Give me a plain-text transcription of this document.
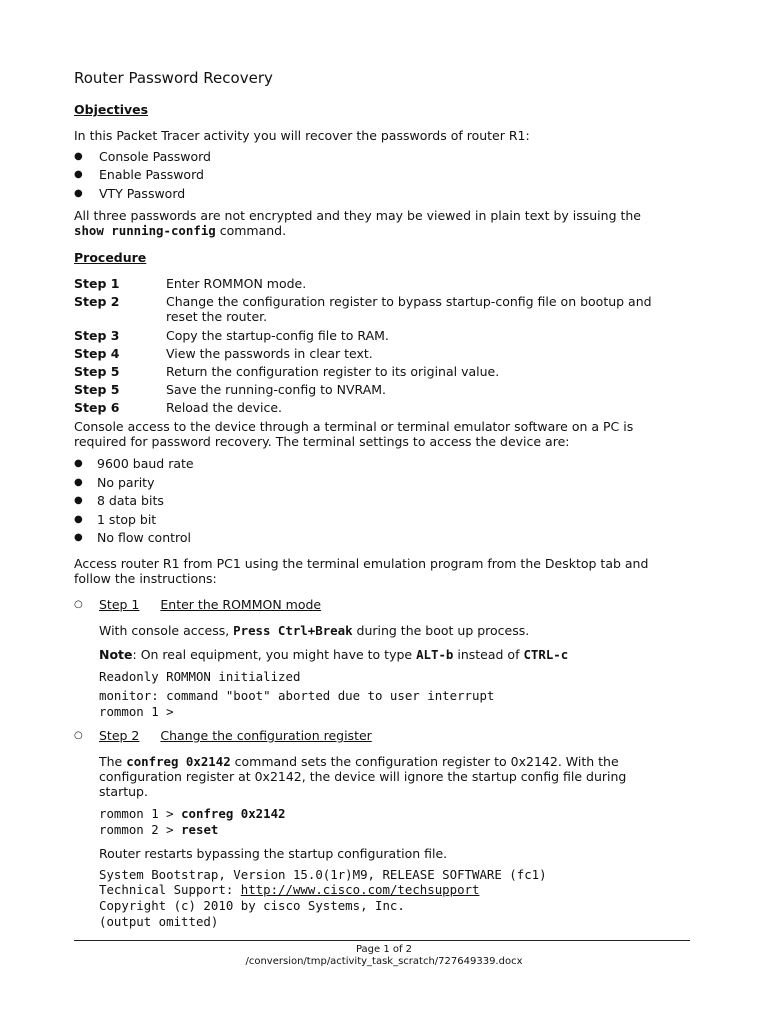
Router Password Recovery
Objectives
In this Packet Tracer activity you will recover the passwords of router R1:
● Console Password
● Enable Password
● VTY Password
All three passwords are not encrypted and they may be viewed in plain text by issuing the
show running-config command.
Procedure
Step 1	Enter ROMMON mode.
Step 2	Change the configuration register to bypass startup-config file on bootup and
reset the router.
Step 3	Copy the startup-config file to RAM.
Step 4	View the passwords in clear text.
Step 5	Return the configuration register to its original value.
Step 5	Save the running-config to NVRAM.
Step 6	Reload the device.
Console access to the device through a terminal or terminal emulator software on a PC is
required for password recovery. The terminal settings to access the device are:
● 9600 baud rate
● No parity
● 8 data bits
● 1 stop bit
● No flow control
Access router R1 from PC1 using the terminal emulation program from the Desktop tab and
follow the instructions:
○ Step 1 Enter the ROMMON mode
With console access, Press Ctrl+Break during the boot up process.
Note: On real equipment, you might have to type ALT-b instead of CTRL-c
Readonly ROMMON initialized
monitor: command "boot" aborted due to user interrupt
rommon 1 >
○ Step 2 Change the configuration register
The confreg 0x2142 command sets the configuration register to 0x2142. With the
configuration register at 0x2142, the device will ignore the startup config file during
startup.
rommon 1 > confreg 0x2142
rommon 2 > reset
Router restarts bypassing the startup configuration file.
System Bootstrap, Version 15.0(1r)M9, RELEASE SOFTWARE (fc1)
Technical Support: http://www.cisco.com/techsupport
Copyright (c) 2010 by cisco Systems, Inc.
(output omitted)
Page 1 of 2
/conversion/tmp/activity_task_scratch/727649339.docx
